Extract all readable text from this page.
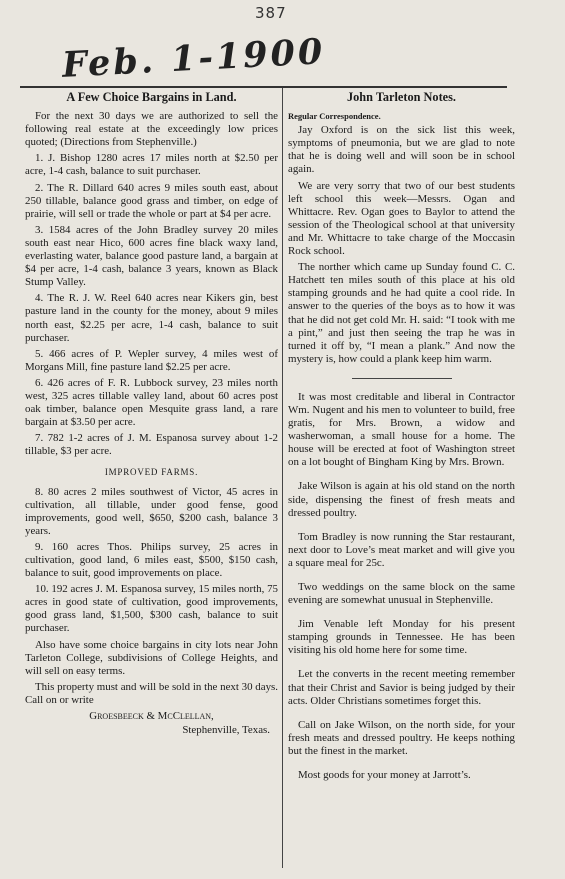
387
Feb. 1-1900
A Few Choice Bargains in Land.

For the next 30 days we are authorized to sell the following real estate at the exceedingly low prices quoted; (Directions from Stephenville.)

1. J. Bishop 1280 acres 17 miles north at $2.50 per acre, 1-4 cash, balance to suit purchaser.

2. The R. Dillard 640 acres 9 miles south east, about 250 tillable, balance good grass and timber, on edge of prairie, will sell or trade the whole or part at $4 per acre.

3. 1584 acres of the John Bradley survey 20 miles south east near Hico, 600 acres fine black waxy land, everlasting water, balance good pasture land, a bargain at $4 per acre, 1-4 cash, balance 3 years, known as Black Stump Valley.

4. The R. J. W. Reel 640 acres near Kikers gin, best pasture land in the county for the money, about 9 miles north east, $2.25 per acre, 1-4 cash, balance to suit purchaser.

5. 466 acres of P. Wepler survey, 4 miles west of Morgans Mill, fine pasture land $2.25 per acre.

6. 426 acres of F. R. Lubbock survey, 23 miles north west, 325 acres tillable valley land, about 60 acres post oak timber, balance open Mesquite grass land, a rare bargain at $3.50 per acre.

7. 782 1-2 acres of J. M. Espanosa survey about 1-2 tillable, $3 per acre.

IMPROVED FARMS.

8. 80 acres 2 miles southwest of Victor, 45 acres in cultivation, all tillable, under good fense, good improvements, good well, $650, $200 cash, balance 3 years.

9. 160 acres Thos. Philips survey, 25 acres in cultivation, good land, 6 miles east, $500, $150 cash, balance to suit, good improvements on place.

10. 192 acres J. M. Espanosa survey, 15 miles north, 75 acres in good state of cultivation, good improvements, good grass land, $1,500, $300 cash, balance to suit purchaser.

Also have some choice bargains in city lots near John Tarleton College, subdivisions of College Heights, and will sell on easy terms.

This property must and will be sold in the next 30 days. Call on or write

Groesbeeck & McClellan,
Stephenville, Texas.
John Tarleton Notes.
Regular Correspondence.

Jay Oxford is on the sick list this week, symptoms of pneumonia, but we are glad to note that he is doing well and will soon be in school again.

We are very sorry that two of our best students left school this week—Messrs. Ogan and Whittacre. Rev. Ogan goes to Baylor to attend the session of the Theological school at that university and Mr. Whittacre to take charge of the Moccasin Rock school.

The norther which came up Sunday found C. C. Hatchett ten miles south of this place at his old stamping grounds and he had quite a cool ride. In answer to the queries of the boys as to how it was that he did not get cold Mr. H. said: “I took with me a pint,” and just then seeing the trap he was in turned it off by, “I mean a plank.” And now the mystery is, how could a plank keep him warm.

It was most creditable and liberal in Contractor Wm. Nugent and his men to volunteer to build, free gratis, for Mrs. Brown, a widow and washerwoman, a small house for a home. The house will be erected at foot of Washington street on a lot bought of Bingham King by Mrs. Brown.

Jake Wilson is again at his old stand on the north side, dispensing the finest of fresh meats and dressed poultry.

Tom Bradley is now running the Star restaurant, next door to Love’s meat market and will give you a square meal for 25c.

Two weddings on the same block on the same evening are somewhat unusual in Stephenville.

Jim Venable left Monday for his present stamping grounds in Tennessee. He has been visiting his old home here for some time.

Let the converts in the recent meeting remember that their Christ and Savior is being judged by their acts. Older Christians sometimes forget this.

Call on Jake Wilson, on the north side, for your fresh meats and dressed poultry. He keeps nothing but the finest in the market.

Most goods for your money at Jarrott’s.
